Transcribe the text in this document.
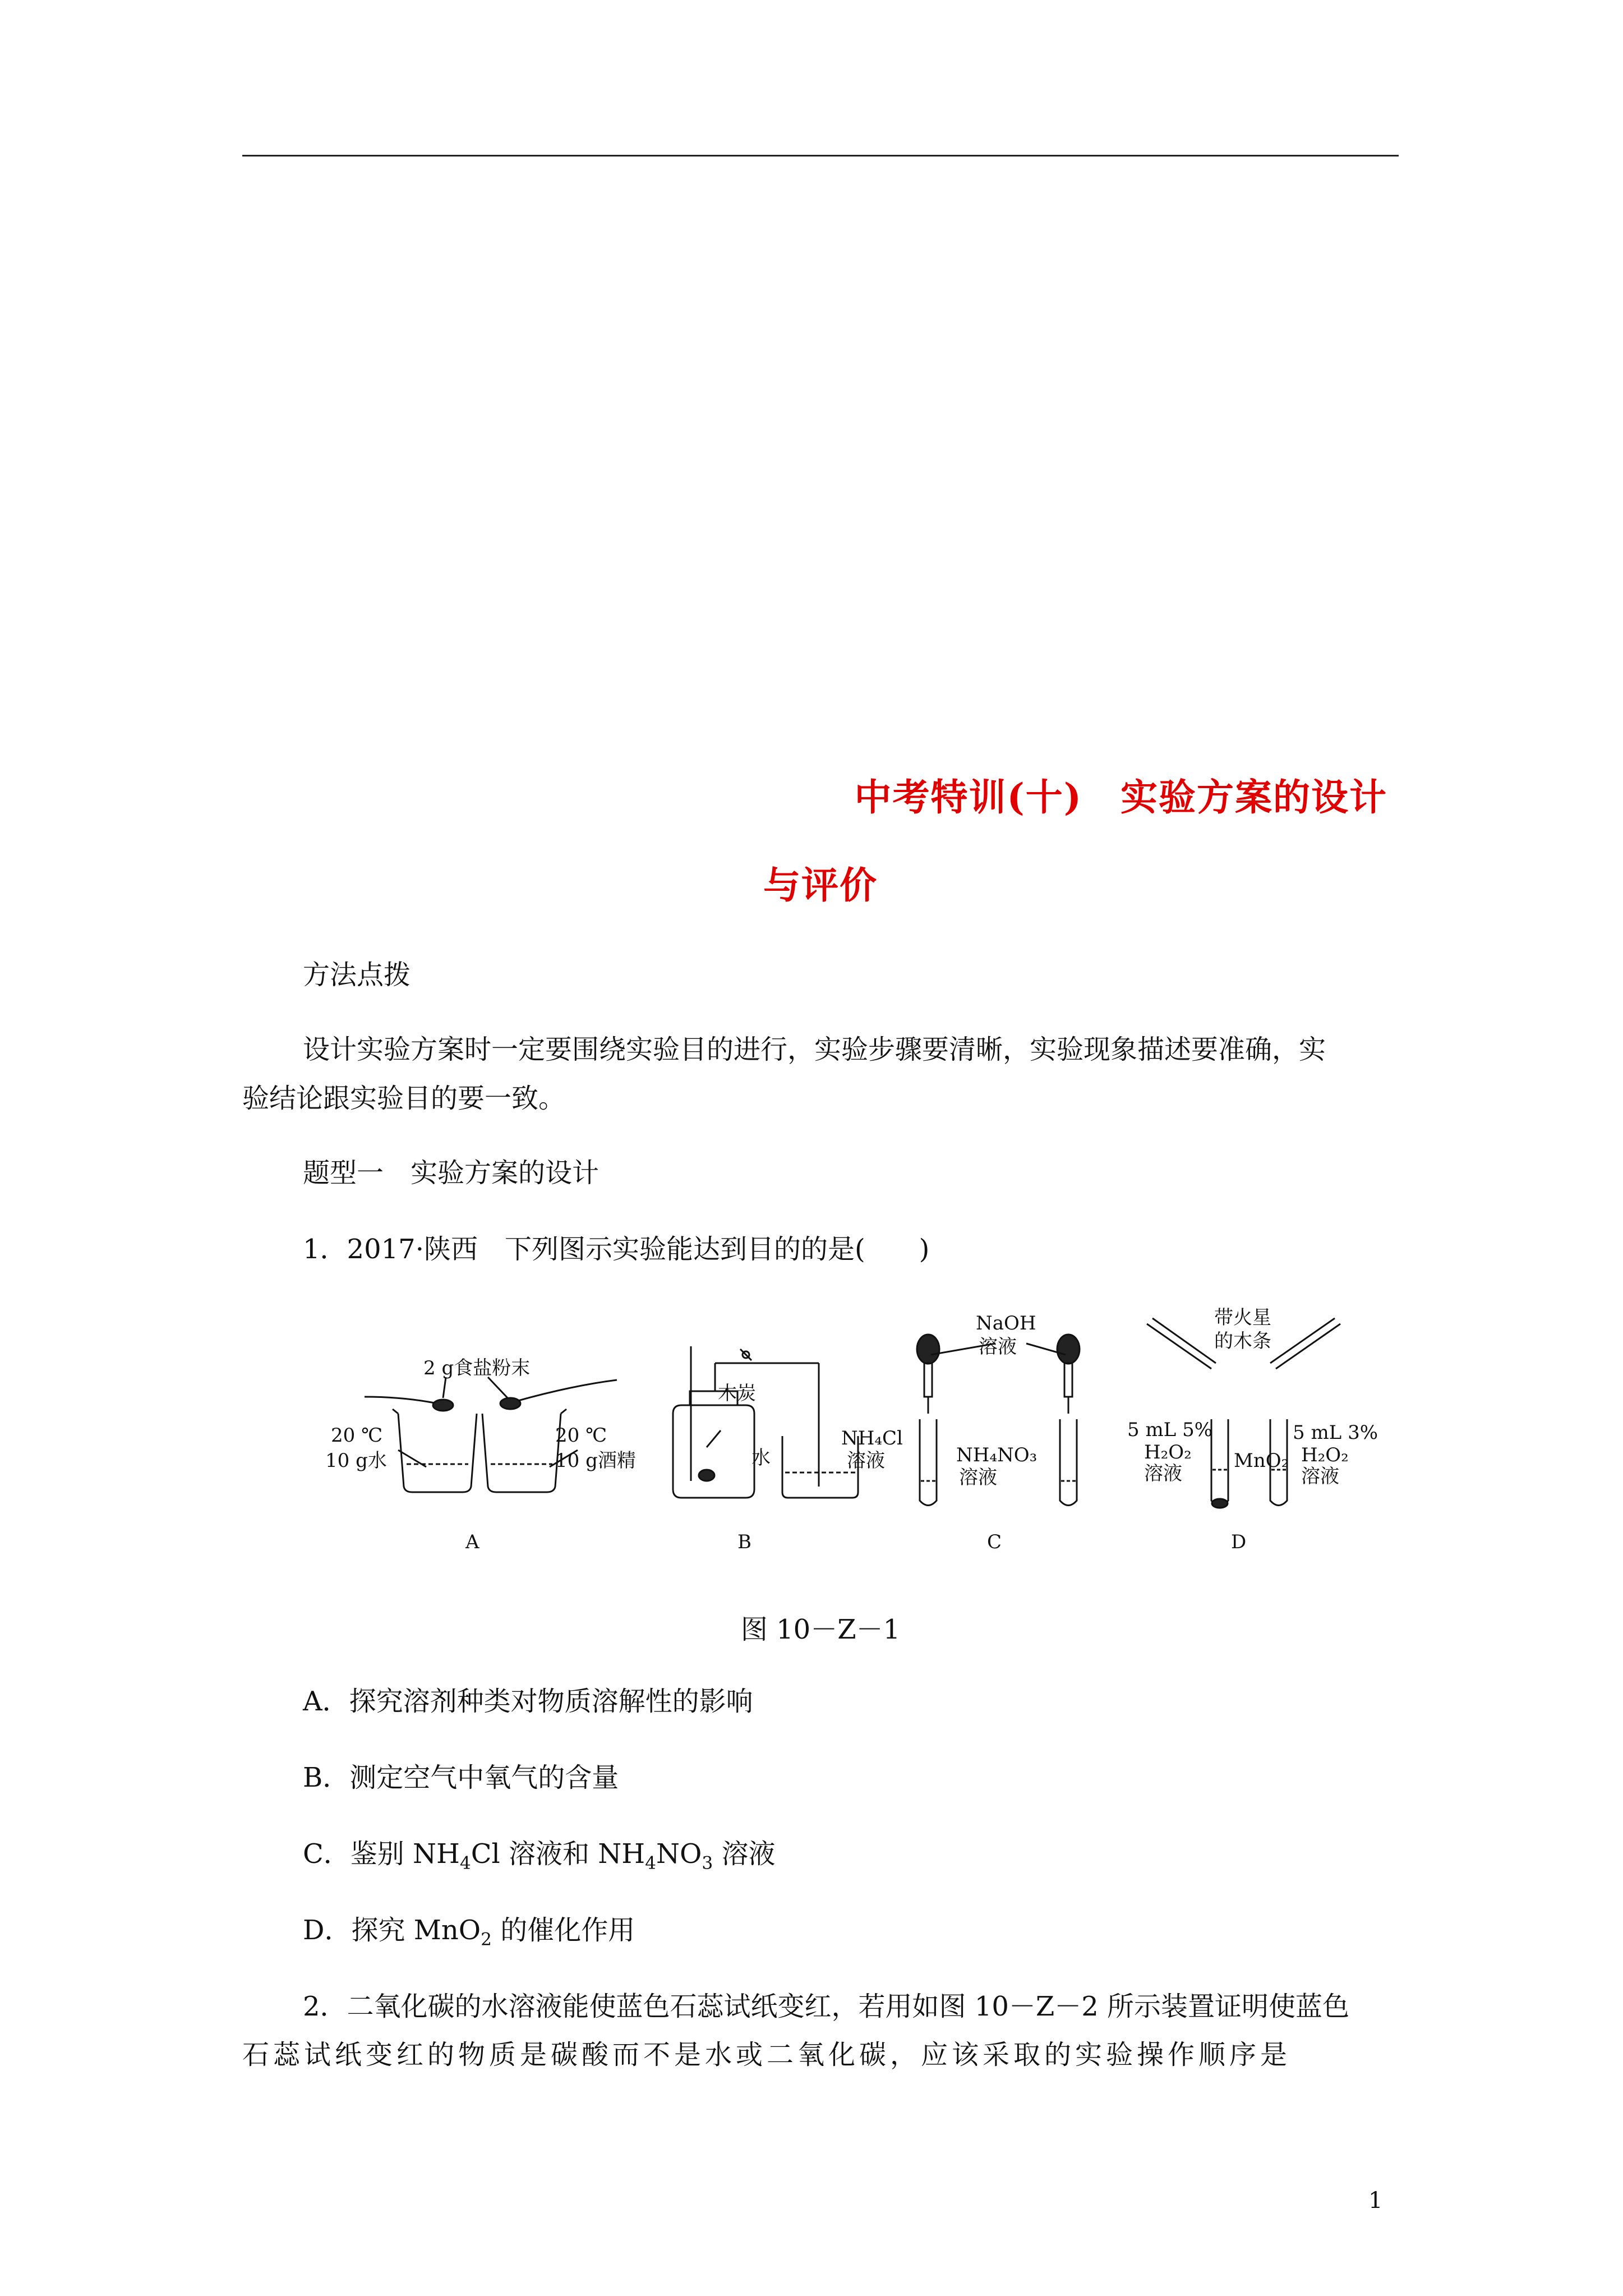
中考特训(十)　实验方案的设计
与评价
方法点拨
设计实验方案时一定要围绕实验目的进行，实验步骤要清晰，实验现象描述要准确，实
验结论跟实验目的要一致。
题型一　实验方案的设计
1．2017·陕西　下列图示实验能达到目的的是(　　)
2 g食盐粉末
20 ℃
10 g水
20 ℃
10 g酒精
A
木炭
水
B
NaOH
溶液
NH₄Cl
溶液	NH₄NO₃
溶液
C
带火星
的木条
5 mL 5%
H₂O₂
溶液
MnO₂
5 mL 3%
H₂O₂
溶液
D
图 10－Z－1
A．探究溶剂种类对物质溶解性的影响
B．测定空气中氧气的含量
C．鉴别 $NH_4Cl$ 溶液和 $NH_4NO_3$ 溶液
D．探究 MnO$_2$ 的催化作用
2．二氧化碳的水溶液能使蓝色石蕊试纸变红，若用如图 10－Z－2 所示装置证明使蓝色
石蕊试纸变红的物质是碳酸而不是水或二氧化碳，应该采取的实验操作顺序是
1
